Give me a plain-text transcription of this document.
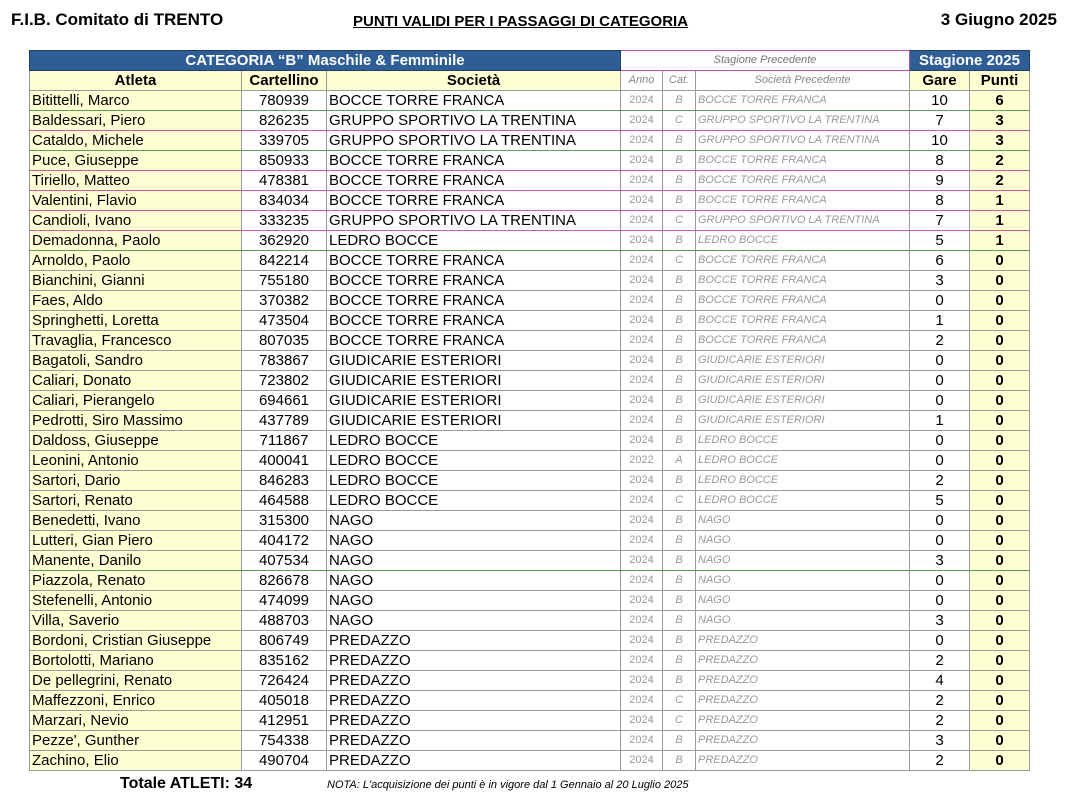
F.I.B. Comitato di TRENTO	PUNTI VALIDI PER I PASSAGGI DI CATEGORIA	3 Giugno 2025
CATEGORIA “B” Maschile & Femminile			Stagione Precedente			Stagione 2025	
Atleta	Cartellino	Società	Anno	Cat.	Società Precedente	Gare	Punti
Bitittelli, Marco	780939	BOCCE TORRE FRANCA	2024	B	BOCCE TORRE FRANCA	10	6
Baldessari, Piero	826235	GRUPPO SPORTIVO LA TRENTINA	2024	C	GRUPPO SPORTIVO LA TRENTINA	7	3
Cataldo, Michele	339705	GRUPPO SPORTIVO LA TRENTINA	2024	B	GRUPPO SPORTIVO LA TRENTINA	10	3
Puce, Giuseppe	850933	BOCCE TORRE FRANCA	2024	B	BOCCE TORRE FRANCA	8	2
Tiriello, Matteo	478381	BOCCE TORRE FRANCA	2024	B	BOCCE TORRE FRANCA	9	2
Valentini, Flavio	834034	BOCCE TORRE FRANCA	2024	B	BOCCE TORRE FRANCA	8	1
Candioli, Ivano	333235	GRUPPO SPORTIVO LA TRENTINA	2024	C	GRUPPO SPORTIVO LA TRENTINA	7	1
Demadonna, Paolo	362920	LEDRO BOCCE	2024	B	LEDRO BOCCE	5	1
Arnoldo, Paolo	842214	BOCCE TORRE FRANCA	2024	C	BOCCE TORRE FRANCA	6	0
Bianchini, Gianni	755180	BOCCE TORRE FRANCA	2024	B	BOCCE TORRE FRANCA	3	0
Faes, Aldo	370382	BOCCE TORRE FRANCA	2024	B	BOCCE TORRE FRANCA	0	0
Springhetti, Loretta	473504	BOCCE TORRE FRANCA	2024	B	BOCCE TORRE FRANCA	1	0
Travaglia, Francesco	807035	BOCCE TORRE FRANCA	2024	B	BOCCE TORRE FRANCA	2	0
Bagatoli, Sandro	783867	GIUDICARIE ESTERIORI	2024	B	GIUDICARIE ESTERIORI	0	0
Caliari, Donato	723802	GIUDICARIE ESTERIORI	2024	B	GIUDICARIE ESTERIORI	0	0
Caliari, Pierangelo	694661	GIUDICARIE ESTERIORI	2024	B	GIUDICARIE ESTERIORI	0	0
Pedrotti, Siro Massimo	437789	GIUDICARIE ESTERIORI	2024	B	GIUDICARIE ESTERIORI	1	0
Daldoss, Giuseppe	711867	LEDRO BOCCE	2024	B	LEDRO BOCCE	0	0
Leonini, Antonio	400041	LEDRO BOCCE	2022	A	LEDRO BOCCE	0	0
Sartori, Dario	846283	LEDRO BOCCE	2024	B	LEDRO BOCCE	2	0
Sartori, Renato	464588	LEDRO BOCCE	2024	C	LEDRO BOCCE	5	0
Benedetti, Ivano	315300	NAGO	2024	B	NAGO	0	0
Lutteri, Gian Piero	404172	NAGO	2024	B	NAGO	0	0
Manente, Danilo	407534	NAGO	2024	B	NAGO	3	0
Piazzola, Renato	826678	NAGO	2024	B	NAGO	0	0
Stefenelli, Antonio	474099	NAGO	2024	B	NAGO	0	0
Villa, Saverio	488703	NAGO	2024	B	NAGO	3	0
Bordoni, Cristian Giuseppe	806749	PREDAZZO	2024	B	PREDAZZO	0	0
Bortolotti, Mariano	835162	PREDAZZO	2024	B	PREDAZZO	2	0
De pellegrini, Renato	726424	PREDAZZO	2024	B	PREDAZZO	4	0
Maffezzoni, Enrico	405018	PREDAZZO	2024	C	PREDAZZO	2	0
Marzari, Nevio	412951	PREDAZZO	2024	C	PREDAZZO	2	0
Pezze', Gunther	754338	PREDAZZO	2024	B	PREDAZZO	3	0
Zachino, Elio	490704	PREDAZZO	2024	B	PREDAZZO	2	0
Totale ATLETI: 34	NOTA: L'acquisizione dei punti è in vigore dal 1 Gennaio al 20 Luglio 2025
